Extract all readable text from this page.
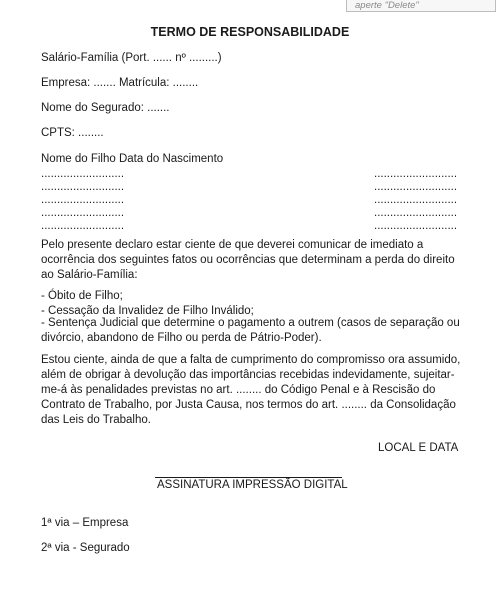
aperte "Delete"
TERMO DE RESPONSABILIDADE
Salário-Família (Port. ...... nº .........)
Empresa: ....... Matrícula: ........
Nome do Segurado: .......
CPTS: ........
Nome do Filho Data do Nascimento
..........................	..........................
..........................	..........................
..........................	..........................
..........................	..........................
..........................	..........................

Pelo presente declaro estar ciente de que deverei comunicar de imediato a ocorrência dos seguintes fatos ou ocorrências que determinam a perda do direito ao Salário-Família:

- Óbito de Filho;
- Cessação da Invalidez de Filho Inválido;

- Sentença Judicial que determine o pagamento a outrem (casos de separação ou divórcio, abandono de Filho ou perda de Pátrio-Poder).

Estou ciente, ainda de que a falta de cumprimento do compromisso ora assumido, além de obrigar à devolução das importâncias recebidas indevidamente, sujeitar-me-á às penalidades previstas no art. ........ do Código Penal e à Rescisão do Contrato de Trabalho, por Justa Causa, nos termos do art. ........ da Consolidação das Leis do Trabalho.

LOCAL E DATA
ASSINATURA IMPRESSÃO DIGITAL
1ª via – Empresa
2ª via - Segurado
